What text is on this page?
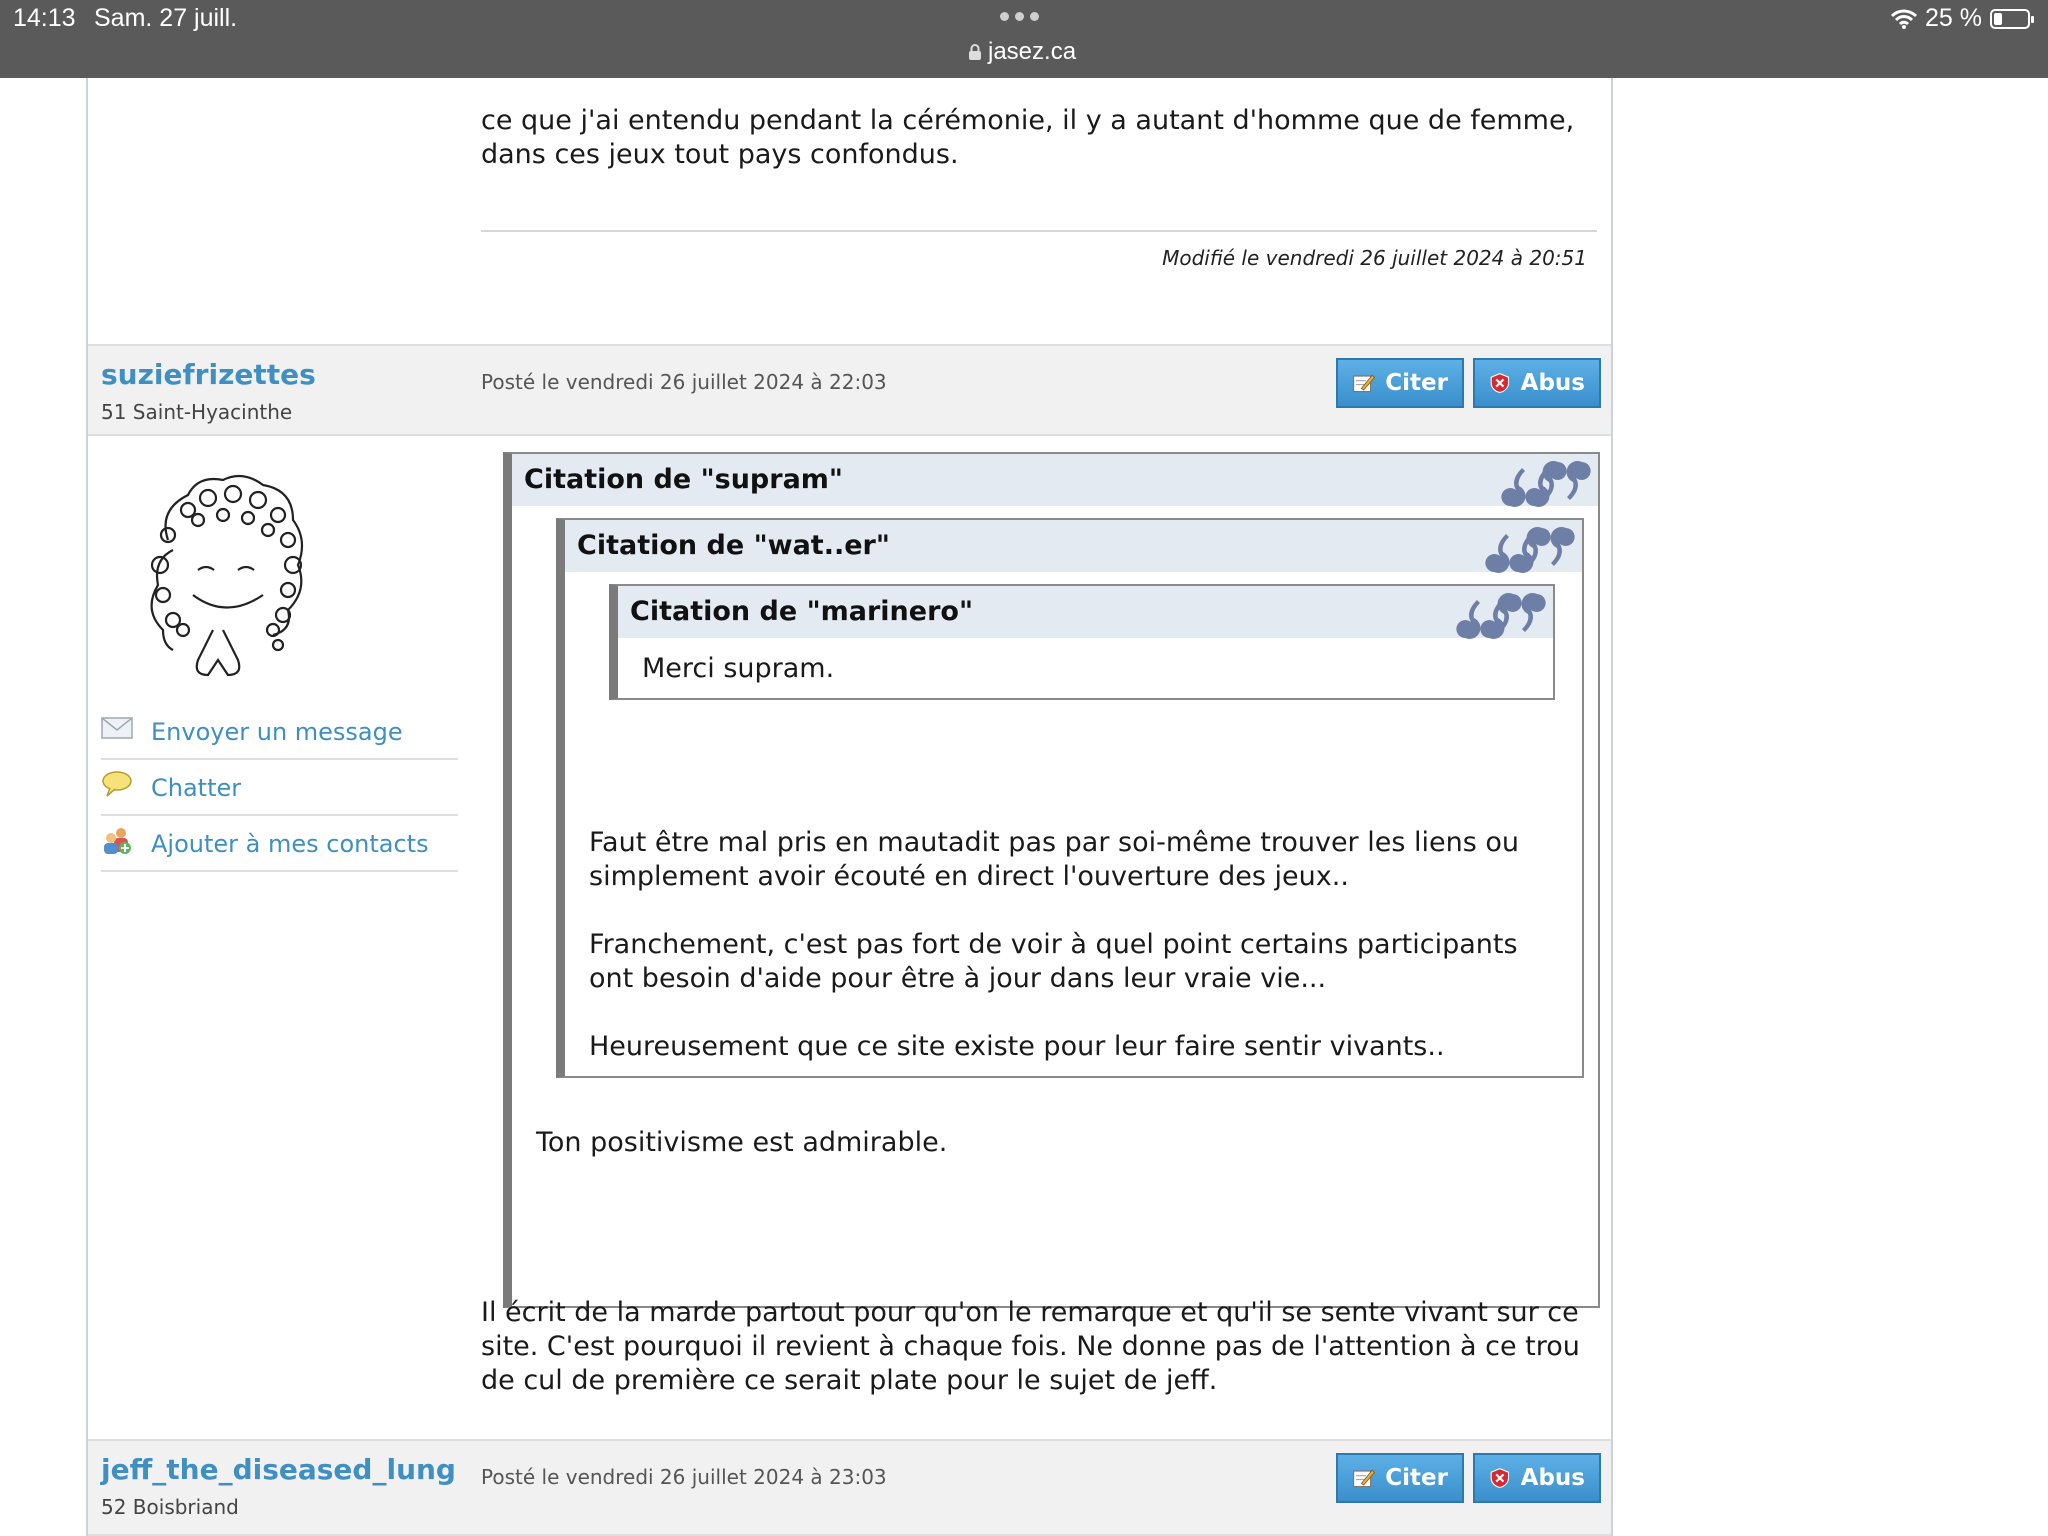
14:13 Sam. 27 juill.
jasez.ca
25 %
ce que j'ai entendu pendant la cérémonie, il y a autant d'homme que de femme, dans ces jeux tout pays confondus.
Modifié le vendredi 26 juillet 2024 à 20:51
suziefrizettes
51 Saint-Hyacinthe
Posté le vendredi 26 juillet 2024 à 22:03	Citer	Abus
Envoyer un message
Chatter
Ajouter à mes contacts
Citation de "supram"
Citation de "wat..er"
Citation de "marinero"
Merci supram.
Faut être mal pris en mautadit pas par soi-même trouver les liens ou simplement avoir écouté en direct l'ouverture des jeux..
Franchement, c'est pas fort de voir à quel point certains participants ont besoin d'aide pour être à jour dans leur vraie vie...
Heureusement que ce site existe pour leur faire sentir vivants..
Ton positivisme est admirable.
Il écrit de la marde partout pour qu'on le remarque et qu'il se sente vivant sur ce site. C'est pourquoi il revient à chaque fois. Ne donne pas de l'attention à ce trou de cul de première ce serait plate pour le sujet de jeff.
jeff_the_diseased_lung
52 Boisbriand
Posté le vendredi 26 juillet 2024 à 23:03	Citer	Abus
